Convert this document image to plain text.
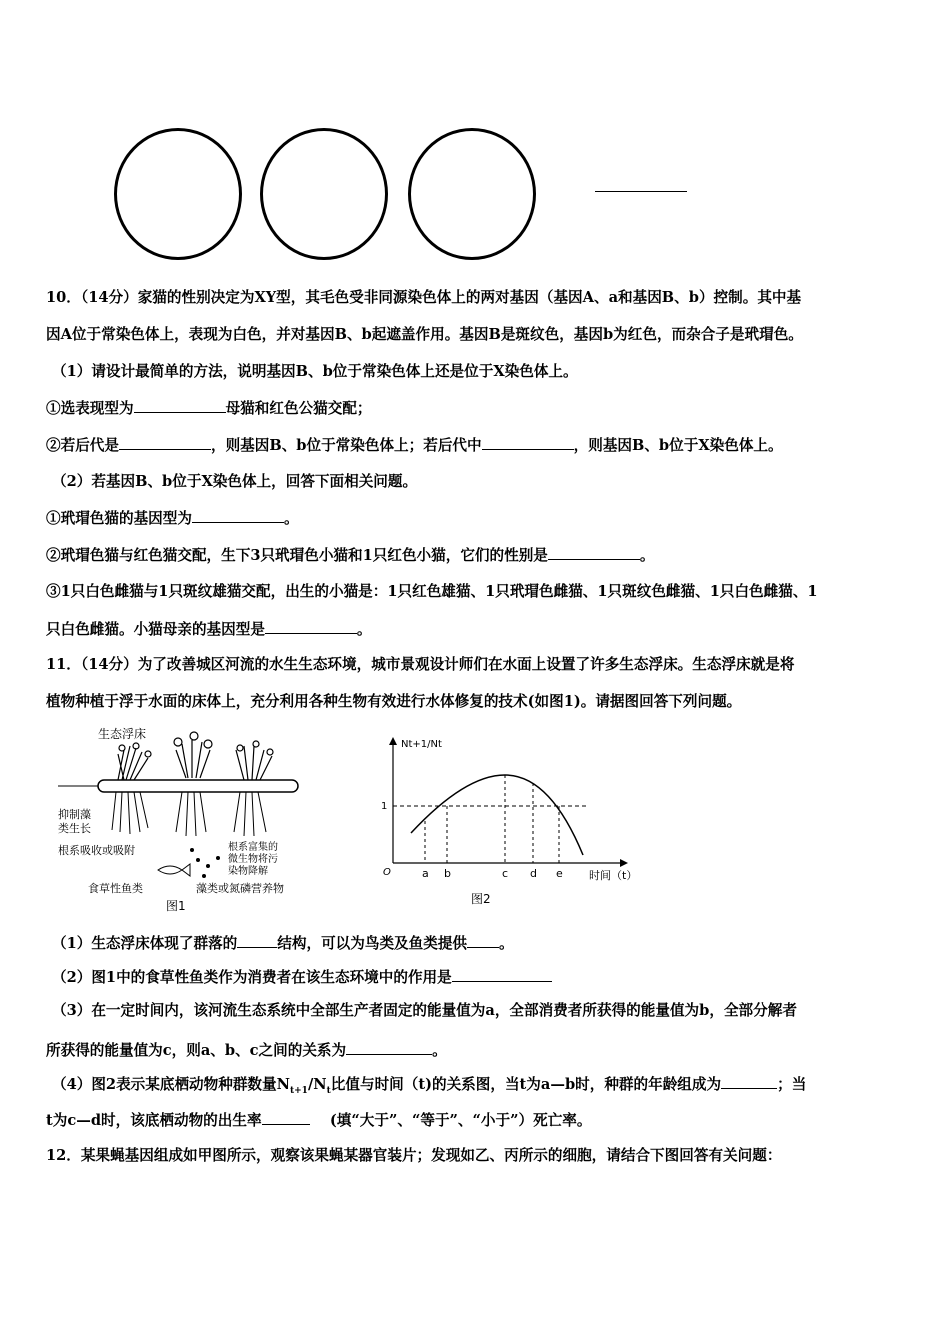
10．（14分）家猫的性别决定为XY型，其毛色受非同源染色体上的两对基因（基因A、a和基因B、b）控制。其中基
因A位于常染色体上，表现为白色，并对基因B、b起遮盖作用。基因B是斑纹色，基因b为红色，而杂合子是玳瑁色。
（1）请设计最简单的方法，说明基因B、b位于常染色体上还是位于X染色体上。
①选表现型为	母猫和红色公猫交配；
②若后代是	，则基因B、b位于常染色体上；若后代中	，则基因B、b位于X染色体上。
（2）若基因B、b位于X染色体上，回答下面相关问题。
①玳瑁色猫的基因型为	。
②玳瑁色猫与红色猫交配，生下3只玳瑁色小猫和1只红色小猫，它们的性别是	。
③1只白色雌猫与1只斑纹雄猫交配，出生的小猫是：1只红色雄猫、1只玳瑁色雌猫、1只斑纹色雌猫、1只白色雌猫、1
只白色雌猫。小猫母亲的基因型是	。
11．（14分）为了改善城区河流的水生生态环境，城市景观设计师们在水面上设置了许多生态浮床。生态浮床就是将
植物种植于浮于水面的床体上，充分利用各种生物有效进行水体修复的技术(如图1)。请据图回答下列问题。
生态浮床
抑制藻
类生长
根系吸收或吸附	根系富集的
微生物将污
染物降解
食草性鱼类	藻类或氮磷营养物
图1
Nt+1/Nt
O
1
a b	c d e 时间（t）
图2
（1）生态浮床体现了群落的	结构，可以为鸟类及鱼类提供 。
（2）图1中的食草性鱼类作为消费者在该生态环境中的作用是
（3）在一定时间内，该河流生态系统中全部生产者固定的能量值为a，全部消费者所获得的能量值为b，全部分解者
所获得的能量值为c，则a、b、c之间的关系为	。
（4）图2表示某底栖动物种群数量$N_{t+1}/N_t$比值与时间（t)的关系图，当t为a—b时，种群的年龄组成为	；当
t为c—d时，该底栖动物的出生率	(填“大于”、“等于”、“小于”）死亡率。
12．某果蝇基因组成如甲图所示，观察该果蝇某器官装片；发现如乙、丙所示的细胞，请结合下图回答有关问题：
